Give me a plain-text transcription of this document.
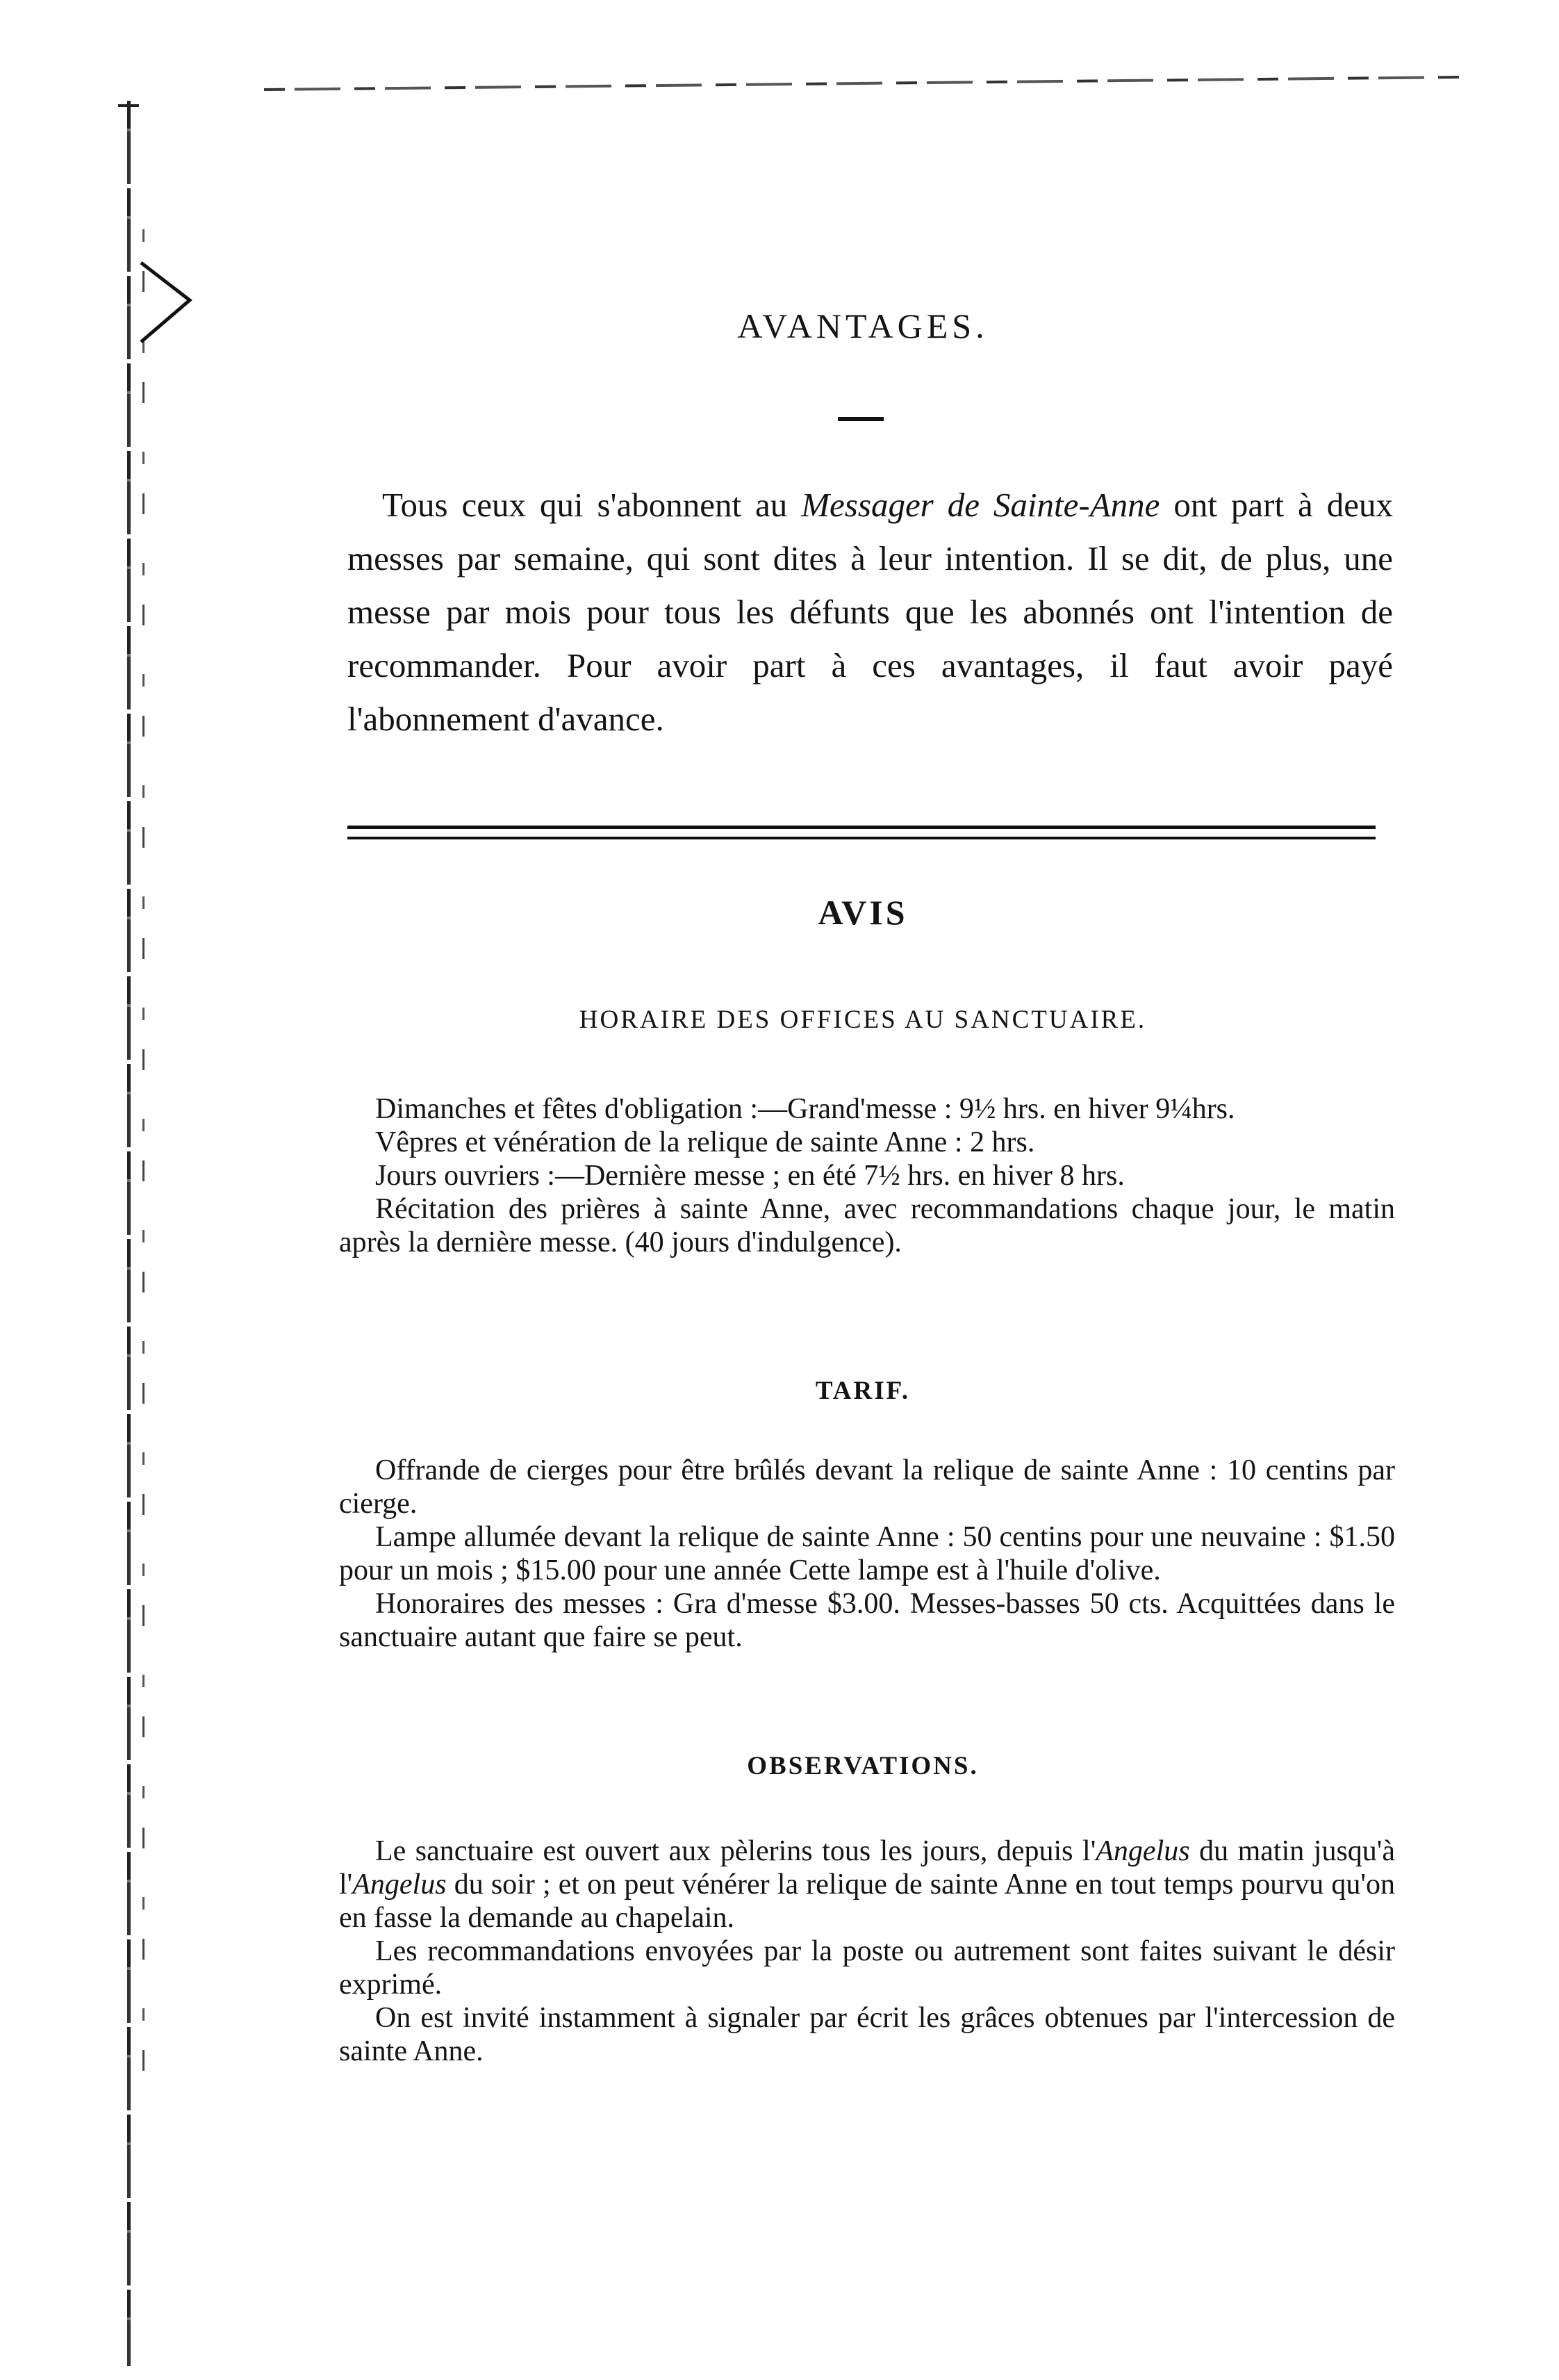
AVANTAGES.
Tous ceux qui s'abonnent au Messager de Sainte-Anne ont part à deux messes par semaine, qui sont dites à leur intention. Il se dit, de plus, une messe par mois pour tous les défunts que les abonnés ont l'intention de recommander. Pour avoir part à ces avantages, il faut avoir payé l'abonnement d'avance.
AVIS
HORAIRE DES OFFICES AU SANCTUAIRE.

Dimanches et fêtes d'obligation :—Grand'messe : 9½ hrs. en hiver 9¼hrs.

Vêpres et vénération de la relique de sainte Anne : 2 hrs.

Jours ouvriers :—Dernière messe ; en été 7½ hrs. en hiver 8 hrs.

Récitation des prières à sainte Anne, avec recommandations chaque jour, le matin après la dernière messe. (40 jours d'indulgence).

TARIF.

Offrande de cierges pour être brûlés devant la relique de sainte Anne : 10 centins par cierge.

Lampe allumée devant la relique de sainte Anne : 50 centins pour une neuvaine : $1.50 pour un mois ; $15.00 pour une année Cette lampe est à l'huile d'olive.

Honoraires des messes : Gra d'messe $3.00. Messes-basses 50 cts. Acquittées dans le sanctuaire autant que faire se peut.

OBSERVATIONS.

Le sanctuaire est ouvert aux pèlerins tous les jours, depuis l'Angelus du matin jusqu'à l'Angelus du soir ; et on peut vénérer la relique de sainte Anne en tout temps pourvu qu'on en fasse la demande au chapelain.

Les recommandations envoyées par la poste ou autrement sont faites suivant le désir exprimé.

On est invité instamment à signaler par écrit les grâces obtenues par l'intercession de sainte Anne.
